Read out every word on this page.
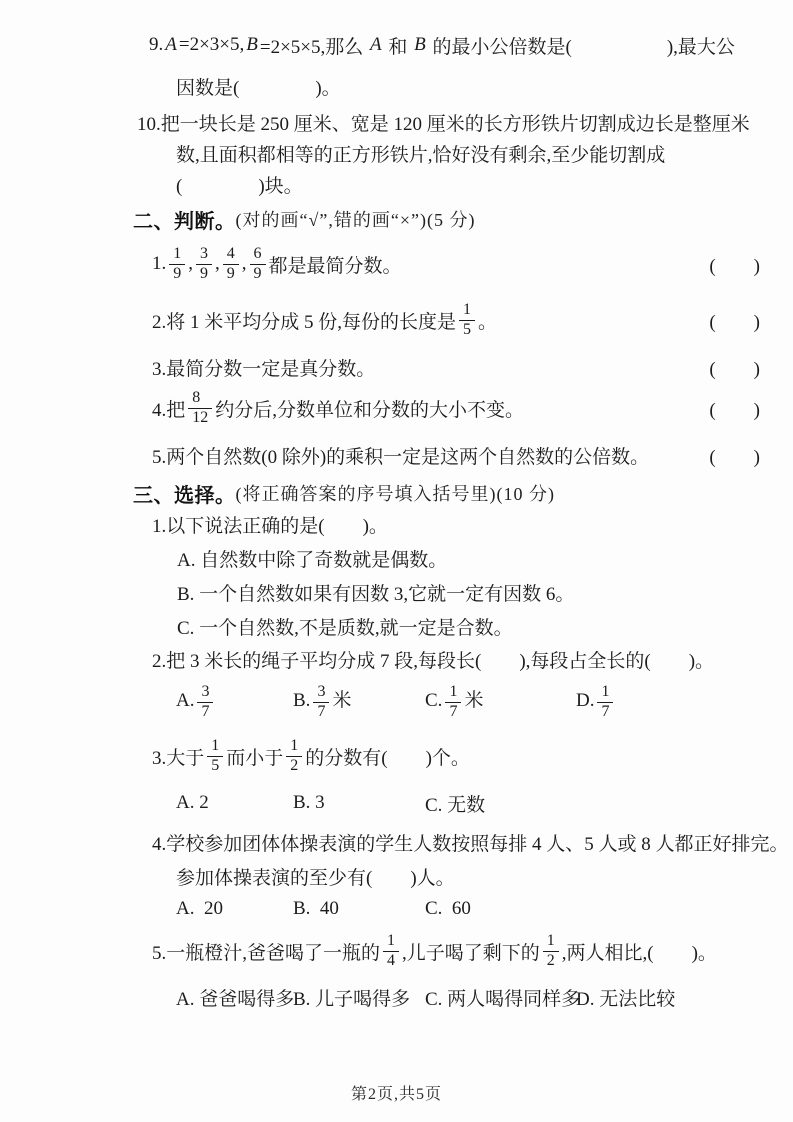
9. A =2×3×5, B =2×5×5,那么 A 和 B 的最小公倍数是(　　　　　),最大公
因数是(　　　　)。
10.把一块长是 250 厘米、宽是 120 厘米的长方形铁片切割成边长是整厘米
数,且面积都相等的正方形铁片,恰好没有剩余,至少能切割成
(　　　　)块。
二、判断。 (对的画“√”,错的画“×”)(5 分)
1. $\frac{1}{9}$ , $\frac{3}{9}$ , $\frac{4}{9}$ , $\frac{6}{9}$ 都是最简分数。	(　　)
2.将 1 米平均分成 5 份,每份的长度是 $\frac{1}{5}$ 。	(　　)
3.最简分数一定是真分数。	(　　)
4.把 $\frac{8}{12}$ 约分后,分数单位和分数的大小不变。	(　　)
5.两个自然数(0 除外)的乘积一定是这两个自然数的公倍数。	(　　)
三、选择。 (将正确答案的序号填入括号里)(10 分)
1.以下说法正确的是(　　)。
A. 自然数中除了奇数就是偶数。
B. 一个自然数如果有因数 3,它就一定有因数 6。
C. 一个自然数,不是质数,就一定是合数。
2.把 3 米长的绳子平均分成 7 段,每段长(　　),每段占全长的(　　)。
A. $\frac{3}{7}$	B. $\frac{3}{7}$ 米	C. $\frac{1}{7}$ 米	D. $\frac{1}{7}$
3.大于 $\frac{1}{5}$ 而小于 $\frac{1}{2}$ 的分数有(　　)个。
A. 2	B. 3	C. 无数
4.学校参加团体体操表演的学生人数按照每排 4 人、5 人或 8 人都正好排完。
参加体操表演的至少有(　　)人。
A.  20	B.  40	C.  60
5.一瓶橙汁,爸爸喝了一瓶的 $\frac{1}{4}$ ,儿子喝了剩下的 $\frac{1}{2}$ ,两人相比,(　　)。
A. 爸爸喝得多
B. 儿子喝得多 C. 两人喝得同样多
D. 无法比较
第2页,共5页
